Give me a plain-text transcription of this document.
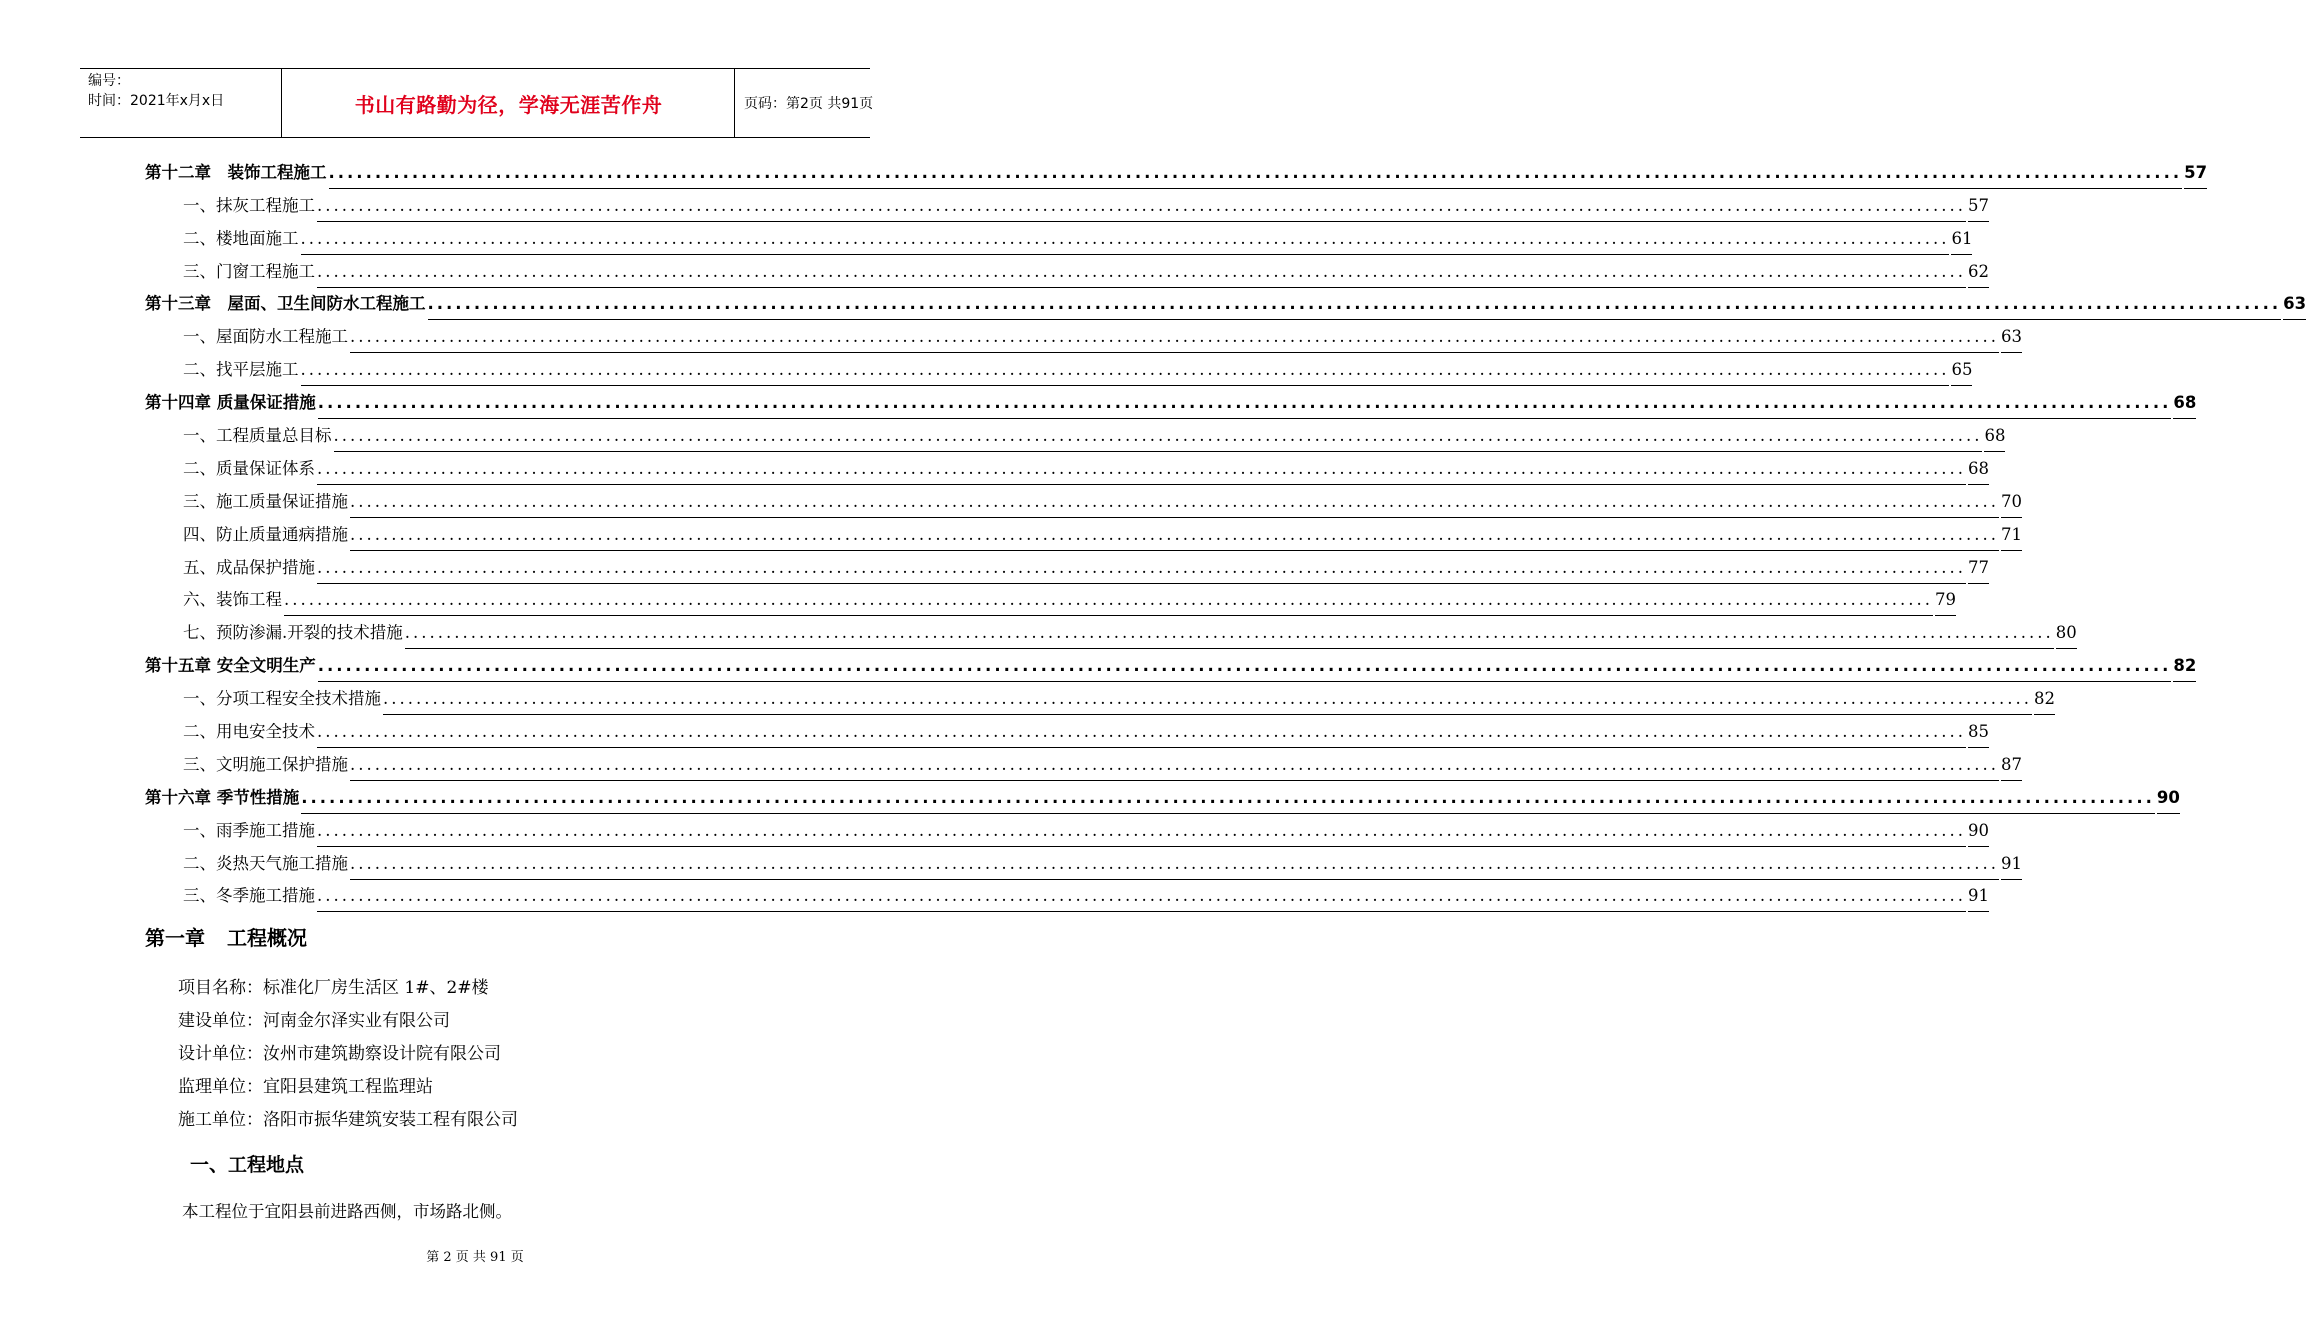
编号：
时间：2021年x月x日	书山有路勤为径，学海无涯苦作舟	页码：第2页 共91页
第十二章　装饰工程施工 ........................................................................................................................................................................................................ 57
一、抹灰工程施工 ........................................................................................................................................................................................................ 57
二、楼地面施工 ........................................................................................................................................................................................................ 61
三、门窗工程施工 ........................................................................................................................................................................................................ 62
第十三章　屋面、卫生间防水工程施工 ........................................................................................................................................................................................................ 63
一、屋面防水工程施工 ........................................................................................................................................................................................................ 63
二、找平层施工 ........................................................................................................................................................................................................ 65
第十四章 质量保证措施 ........................................................................................................................................................................................................ 68
一、工程质量总目标 ........................................................................................................................................................................................................ 68
二、质量保证体系 ........................................................................................................................................................................................................ 68
三、施工质量保证措施 ........................................................................................................................................................................................................ 70
四、防止质量通病措施 ........................................................................................................................................................................................................ 71
五、成品保护措施 ........................................................................................................................................................................................................ 77
六、装饰工程 ........................................................................................................................................................................................................ 79
七、预防渗漏.开裂的技术措施 ........................................................................................................................................................................................................ 80
第十五章 安全文明生产 ........................................................................................................................................................................................................ 82
一、分项工程安全技术措施 ........................................................................................................................................................................................................ 82
二、用电安全技术 ........................................................................................................................................................................................................ 85
三、文明施工保护措施 ........................................................................................................................................................................................................ 87
第十六章 季节性措施 ........................................................................................................................................................................................................ 90
一、雨季施工措施 ........................................................................................................................................................................................................ 90
二、炎热天气施工措施 ........................................................................................................................................................................................................ 91
三、冬季施工措施 ........................................................................................................................................................................................................ 91
第一章 工程概况
项目名称：标准化厂房生活区 1#、2#楼
建设单位：河南金尔泽实业有限公司
设计单位：汝州市建筑勘察设计院有限公司
监理单位：宜阳县建筑工程监理站
施工单位：洛阳市振华建筑安装工程有限公司
一、工程地点
本工程位于宜阳县前进路西侧，市场路北侧。
第 2 页 共 91 页
